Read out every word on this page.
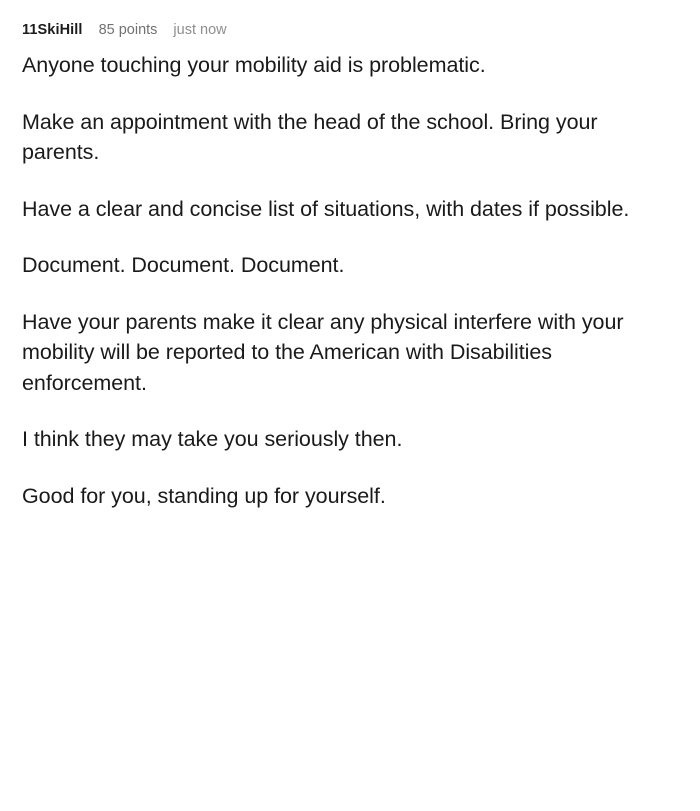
11SkiHill 85 points just now

Anyone touching your mobility aid is problematic.

Make an appointment with the head of the school. Bring your parents.

Have a clear and concise list of situations, with dates if possible.

Document. Document. Document.

Have your parents make it clear any physical interfere with your mobility will be reported to the American with Disabilities enforcement.

I think they may take you seriously then.

Good for you, standing up for yourself.
